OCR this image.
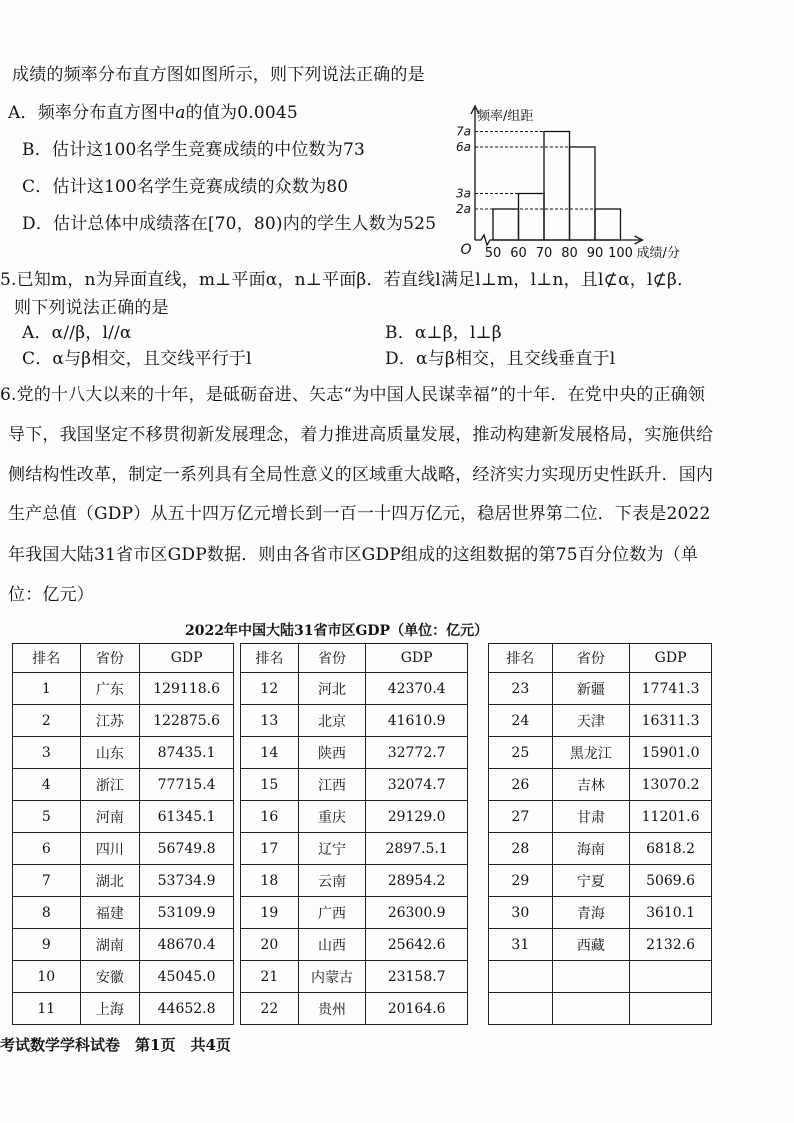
成绩的频率分布直方图如图所示，则下列说法正确的是
A．频率分布直方图中a的值为0.0045
B．估计这100名学生竞赛成绩的中位数为73
C．估计这100名学生竞赛成绩的众数为80
D．估计总体中成绩落在[70，80)内的学生人数为525
7a
6a
3a
2a
50 60 70 80 90 100
O
频率/组距
成绩/分
5.已知m，n为异面直线，m⊥平面α，n⊥平面β．若直线l满足l⊥m，l⊥n，且l⊄α，l⊄β．
则下列说法正确的是
A．α//β，l//α	B．α⊥β，l⊥β
C．α与β相交，且交线平行于l	D．α与β相交，且交线垂直于l
6.党的十八大以来的十年，是砥砺奋进、矢志“为中国人民谋幸福”的十年．在党中央的正确领
导下，我国坚定不移贯彻新发展理念，着力推进高质量发展，推动构建新发展格局，实施供给
侧结构性改革，制定一系列具有全局性意义的区域重大战略，经济实力实现历史性跃升．国内
生产总值（GDP）从五十四万亿元增长到一百一十四万亿元，稳居世界第二位．下表是2022
年我国大陆31省市区GDP数据．则由各省市区GDP组成的这组数据的第75百分位数为（单
位：亿元）
2022年中国大陆31省市区GDP（单位：亿元）
排名	省份	GDP
1	广东	129118.6
2	江苏	122875.6
3	山东	87435.1
4	浙江	77715.4
5	河南	61345.1
6	四川	56749.8
7	湖北	53734.9
8	福建	53109.9
9	湖南	48670.4
10	安徽	45045.0
11	上海	44652.8
排名	省份	GDP
12	河北	42370.4
13	北京	41610.9
14	陕西	32772.7
15	江西	32074.7
16	重庆	29129.0
17	辽宁	2897.5.1
18	云南	28954.2
19	广西	26300.9
20	山西	25642.6
21	内蒙古	23158.7
22	贵州	20164.6
排名	省份	GDP
23	新疆	17741.3
24	天津	16311.3
25	黑龙江	15901.0
26	吉林	13070.2
27	甘肃	11201.6
28	海南	6818.2
29	宁夏	5069.6
30	青海	3610.1
31	西藏	2132.6

考试数学学科试卷　第1页　共4页
